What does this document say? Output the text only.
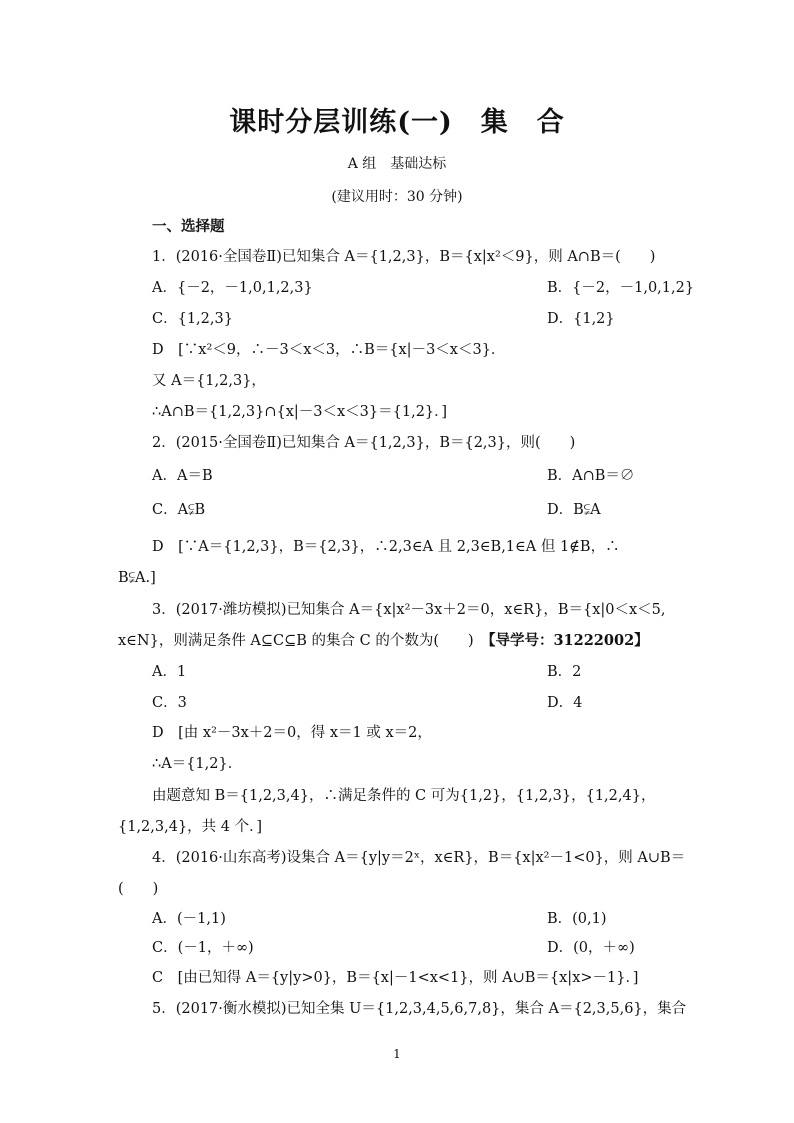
课时分层训练(一)　集　合
A 组　基础达标
(建议用时：30 分钟)
一、选择题
1．(2016·全国卷Ⅱ)已知集合 A＝{1,2,3}，B＝{x|x²＜9}，则 A∩B＝(　　)
A．{－2，－1,0,1,2,3}	B．{－2，－1,0,1,2}
C．{1,2,3}	D．{1,2}
D　[∵x²＜9，∴－3＜x＜3，∴B＝{x|－3＜x＜3}．
又 A＝{1,2,3}，
∴A∩B＝{1,2,3}∩{x|－3＜x＜3}＝{1,2}．]
2．(2015·全国卷Ⅱ)已知集合 A＝{1,2,3}，B＝{2,3}，则(　　)
A．A＝B	B．A∩B＝∅
C．A⫋B	D．B⫋A
D　[∵A＝{1,2,3}，B＝{2,3}，∴2,3∈A 且 2,3∈B,1∈A 但 1∉B，∴
B⫋A.]
3．(2017·潍坊模拟)已知集合 A＝{x|x²－3x＋2＝0，x∈R}，B＝{x|0＜x＜5,
x∈N}，则满足条件 A⊆C⊆B 的集合 C 的个数为(　　)　 【导学号：31222002】
A．1	B．2
C．3	D．4
D　[由 x²－3x＋2＝0，得 x＝1 或 x＝2，
∴A＝{1,2}．
由题意知 B＝{1,2,3,4}，∴满足条件的 C 可为{1,2}，{1,2,3}，{1,2,4}，
{1,2,3,4}，共 4 个．]
4．(2016·山东高考)设集合 A＝{y|y＝2ˣ，x∈R}，B＝{x|x²－1<0}，则 A∪B＝
(　　)
A．(－1,1)	B．(0,1)
C．(－1，＋∞)	D．(0，＋∞)
C　[由已知得 A＝{y|y>0}，B＝{x|－1<x<1}，则 A∪B＝{x|x>－1}．]
5．(2017·衡水模拟)已知全集 U＝{1,2,3,4,5,6,7,8}，集合 A＝{2,3,5,6}，集合
1
